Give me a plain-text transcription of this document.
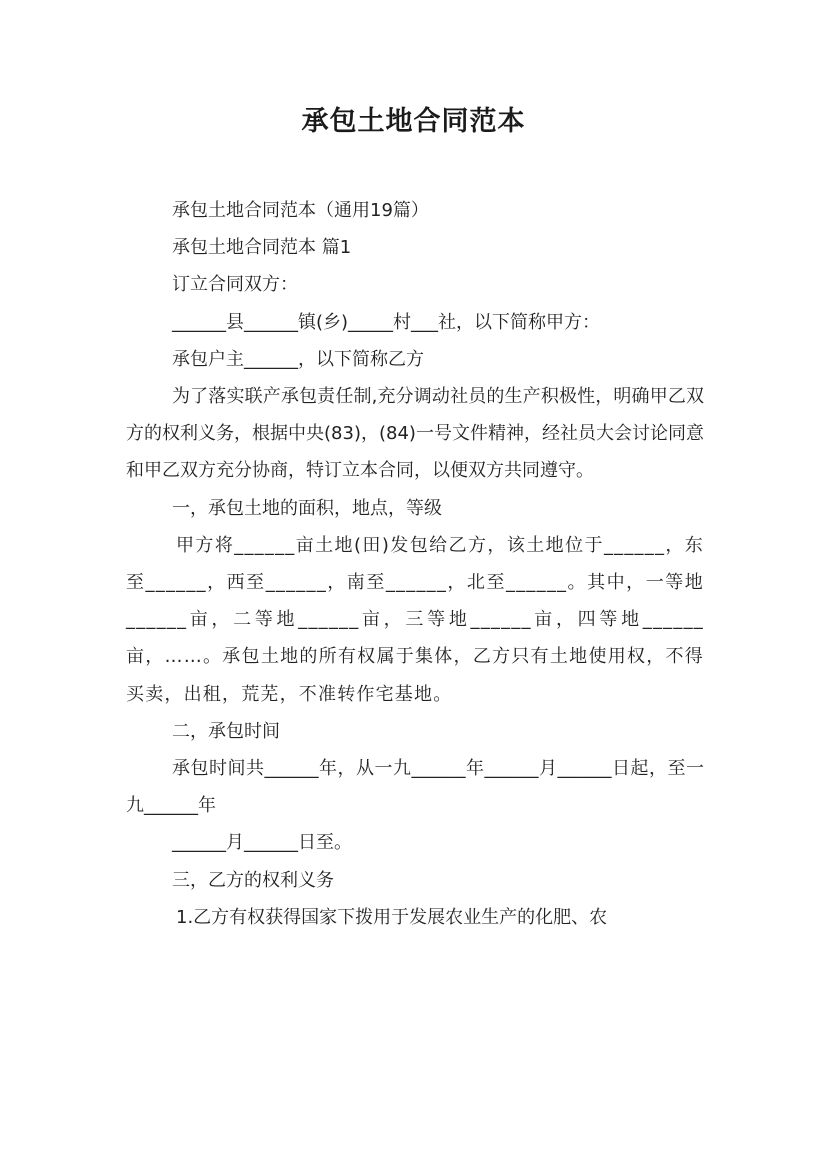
承包土地合同范本

承包土地合同范本（通用19篇）

承包土地合同范本 篇1

订立合同双方：

______县______镇(乡)_____村___社，以下简称甲方：

承包户主______，以下简称乙方

为了落实联产承包责任制,充分调动社员的生产积极性，明确甲乙双方的权利义务，根据中央(83)，(84)一号文件精神，经社员大会讨论同意和甲乙双方充分协商，特订立本合同，以便双方共同遵守。

一，承包土地的面积，地点，等级

甲方将______亩土地(田)发包给乙方，该土地位于______，东至______，西至______，南至______，北至______。其中，一等地______亩，二等地______亩，三等地______亩，四等地______亩，……。承包土地的所有权属于集体，乙方只有土地使用权，不得买卖，出租，荒芜，不准转作宅基地。

二，承包时间

承包时间共______年，从一九______年______月______日起，至一九______年

______月______日至。

三，乙方的权利义务

1.乙方有权获得国家下拨用于发展农业生产的化肥、农
